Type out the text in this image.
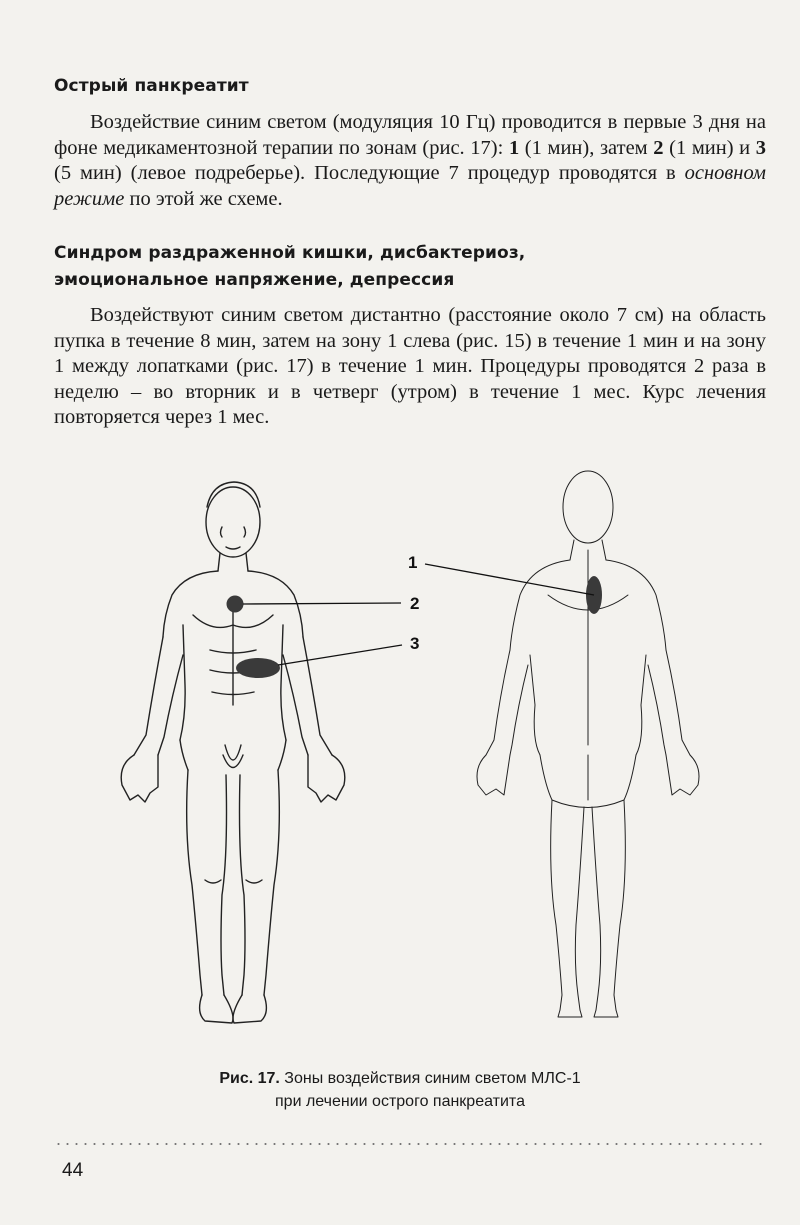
Острый панкреатит

Воздействие синим светом (модуляция 10 Гц) проводится в первые 3 дня на фоне медикаментозной терапии по зонам (рис. 17): 1 (1 мин), затем 2 (1 мин) и 3 (5 мин) (левое подреберье). Последующие 7 процедур проводятся в основном режиме по этой же схеме.

Синдром раздраженной кишки, дисбактериоз, эмоциональное напряжение, депрессия

Воздействуют синим светом дистантно (расстояние около 7 см) на область пупка в течение 8 мин, затем на зону 1 слева (рис. 15) в течение 1 мин и на зону 1 между лопатками (рис. 17) в течение 1 мин. Процедуры проводятся 2 раза в неделю – во вторник и в четверг (утром) в течение 1 мес. Курс лечения повторяется через 1 мес.

1
2
3
Рис. 17. Зоны воздействия синим светом МЛС-1
при лечении острого панкреатита
44
